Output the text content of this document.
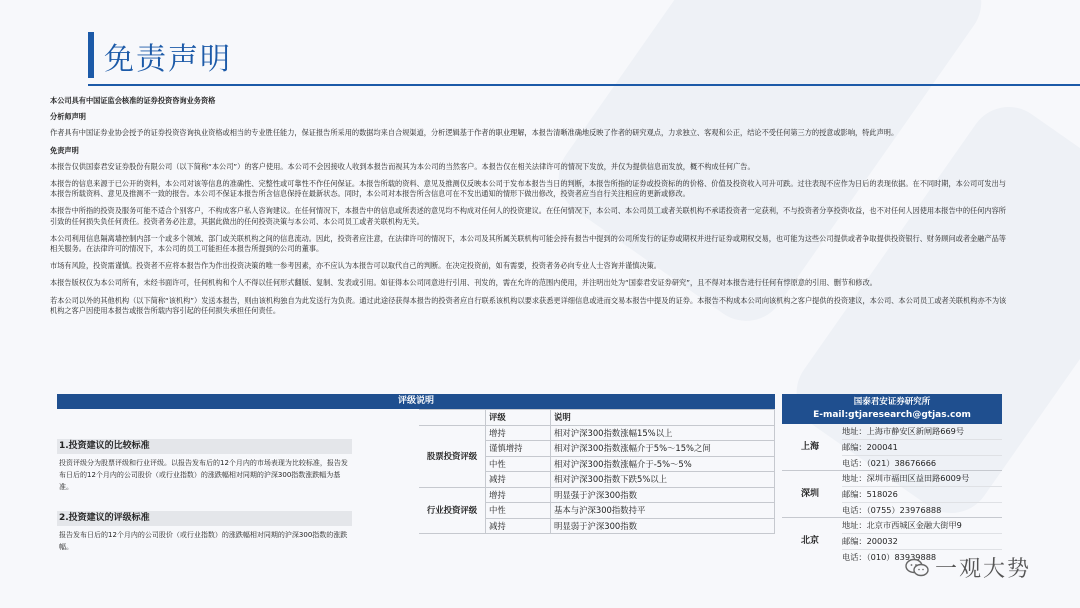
免责声明
本公司具有中国证监会核准的证券投资咨询业务资格
分析师声明

作者具有中国证券业协会授予的证券投资咨询执业资格或相当的专业胜任能力，保证报告所采用的数据均来自合规渠道，分析逻辑基于作者的职业理解，本报告清晰准确地反映了作者的研究观点，力求独立、客观和公正，结论不受任何第三方的授意或影响，特此声明。

免责声明

本报告仅供国泰君安证券股份有限公司（以下简称“本公司”）的客户使用。本公司不会因接收人收到本报告而视其为本公司的当然客户。本报告仅在相关法律许可的情况下发放，并仅为提供信息而发放，概不构成任何广告。

本报告的信息来源于已公开的资料，本公司对该等信息的准确性、完整性或可靠性不作任何保证。本报告所载的资料、意见及推测仅反映本公司于发布本报告当日的判断，本报告所指的证券或投资标的的价格、价值及投资收入可升可跌。过往表现不应作为日后的表现依据。在不同时期，本公司可发出与本报告所载资料、意见及推测不一致的报告。本公司不保证本报告所含信息保持在最新状态。同时，本公司对本报告所含信息可在不发出通知的情形下做出修改，投资者应当自行关注相应的更新或修改。

本报告中所指的投资及服务可能不适合个别客户，不构成客户私人咨询建议。在任何情况下，本报告中的信息或所表述的意见均不构成对任何人的投资建议。在任何情况下，本公司、本公司员工或者关联机构不承诺投资者一定获利，不与投资者分享投资收益，也不对任何人因使用本报告中的任何内容所引致的任何损失负任何责任。投资者务必注意，其据此做出的任何投资决策与本公司、本公司员工或者关联机构无关。

本公司利用信息隔离墙控制内部一个或多个领域、部门或关联机构之间的信息流动。因此，投资者应注意，在法律许可的情况下，本公司及其所属关联机构可能会持有报告中提到的公司所发行的证券或期权并进行证券或期权交易，也可能为这些公司提供或者争取提供投资银行、财务顾问或者金融产品等相关服务。在法律许可的情况下，本公司的员工可能担任本报告所提到的公司的董事。

市场有风险，投资需谨慎。投资者不应将本报告作为作出投资决策的唯一参考因素，亦不应认为本报告可以取代自己的判断。在决定投资前，如有需要，投资者务必向专业人士咨询并谨慎决策。

本报告版权仅为本公司所有，未经书面许可，任何机构和个人不得以任何形式翻版、复制、发表或引用。如征得本公司同意进行引用、刊发的，需在允许的范围内使用，并注明出处为“国泰君安证券研究”，且不得对本报告进行任何有悖原意的引用、删节和修改。

若本公司以外的其他机构（以下简称“该机构”）发送本报告，则由该机构独自为此发送行为负责。通过此途径获得本报告的投资者应自行联系该机构以要求获悉更详细信息或进而交易本报告中提及的证券。本报告不构成本公司向该机构之客户提供的投资建议，本公司、本公司员工或者关联机构亦不为该机构之客户因使用本报告或报告所载内容引起的任何损失承担任何责任。

评级说明
1.投资建议的比较标准
投资评级分为股票评级和行业评级。以报告发布后的12个月内的市场表现为比较标准，报告发布日后的12个月内的公司股价（或行业指数）的涨跌幅相对同期的沪深300指数涨跌幅为基准。
2.投资建议的评级标准
报告发布日后的12个月内的公司股价（或行业指数）的涨跌幅相对同期的沪深300指数的涨跌幅。
	评级	说明
股票投资评级	增持	相对沪深300指数涨幅15%以上
	谨慎增持	相对沪深300指数涨幅介于5%～15%之间
	中性	相对沪深300指数涨幅介于-5%～5%
	减持	相对沪深300指数下跌5%以上
行业投资评级	增持	明显强于沪深300指数
	中性	基本与沪深300指数持平
	减持	明显弱于沪深300指数
国泰君安证券研究所
E-mail:gtjaresearch@gtjas.com
上海
地址：上海市静安区新闸路669号
邮编：200041
电话：（021）38676666
深圳
地址：深圳市福田区益田路6009号
邮编：518026
电话：（0755）23976888
北京
地址：北京市西城区金融大街甲9
邮编：200032
电话：（010）83939888
一观大势
